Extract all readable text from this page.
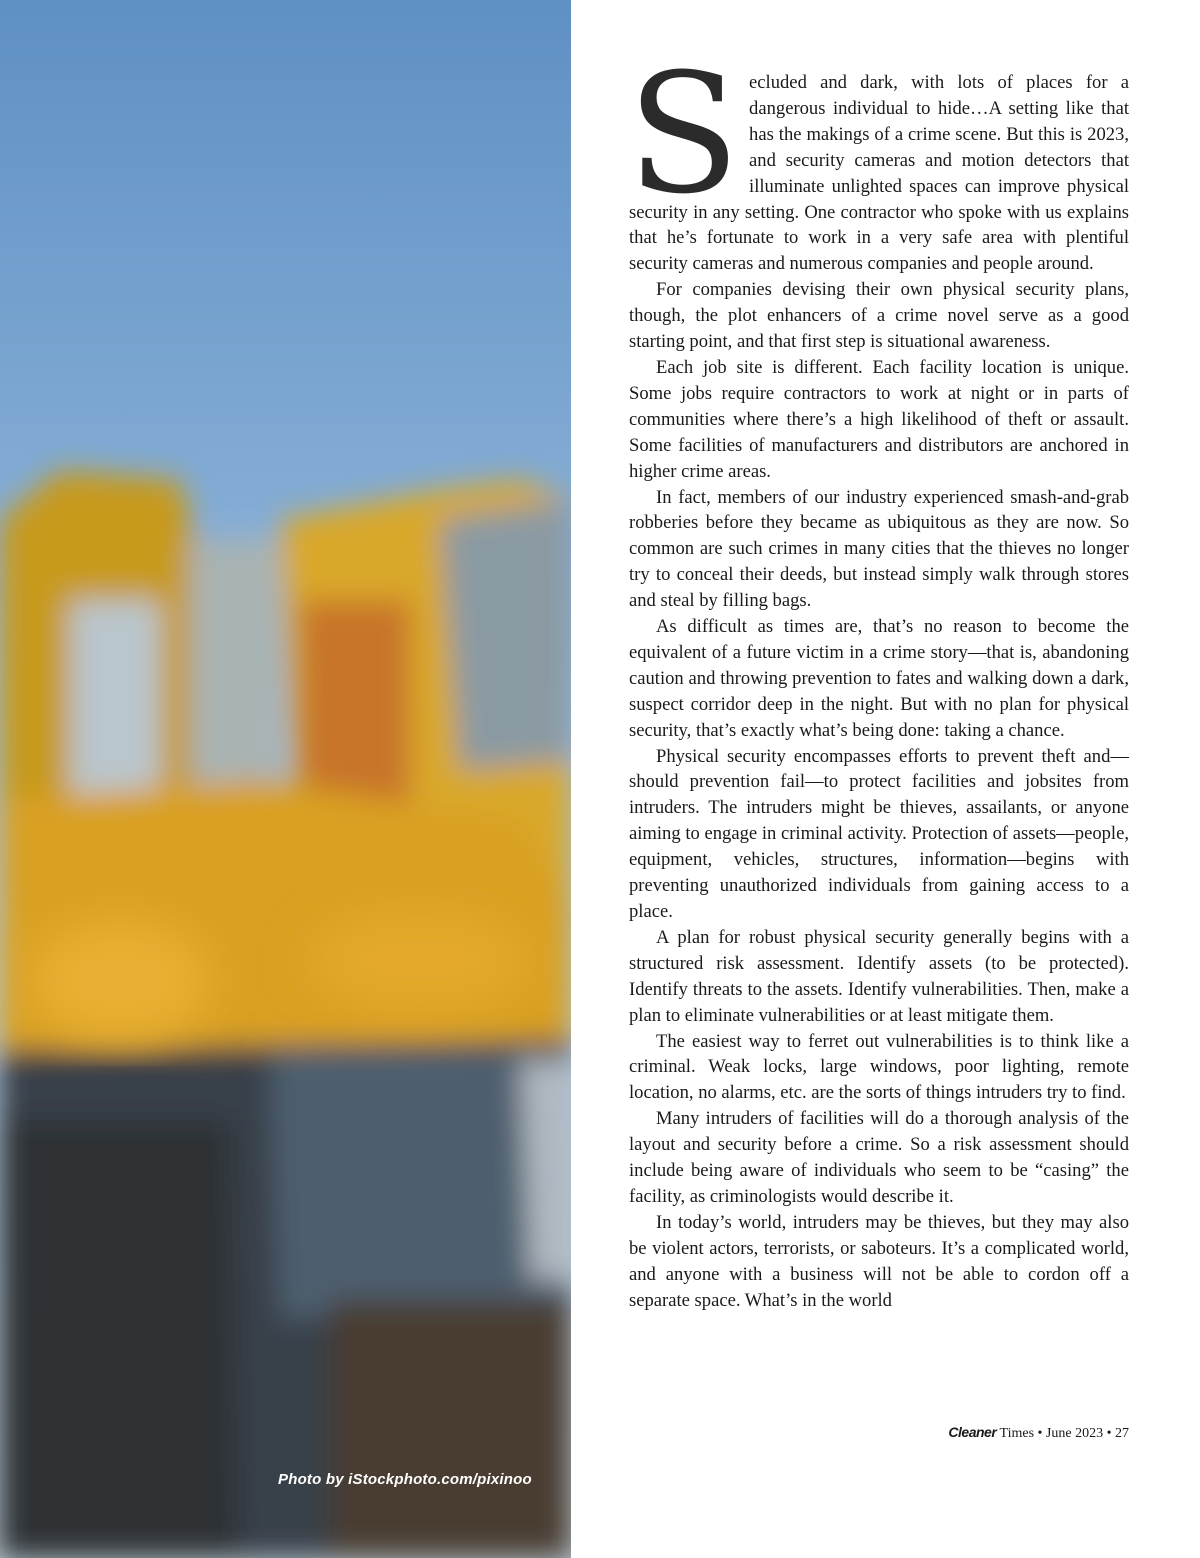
Photo by iStockphoto.com/pixinoo

Secluded and dark, with lots of places for a dangerous individual to hide…A setting like that has the makings of a crime scene. But this is 2023, and security cameras and motion detectors that illuminate unlighted spaces can improve physical security in any setting. One contractor who spoke with us explains that he’s fortunate to work in a very safe area with plentiful security cameras and numerous companies and people around.

For companies devising their own physical security plans, though, the plot enhancers of a crime novel serve as a good starting point, and that first step is situational awareness.

Each job site is different. Each facility location is unique. Some jobs require contractors to work at night or in parts of communities where there’s a high likelihood of theft or assault. Some facilities of manufacturers and distributors are anchored in higher crime areas.

In fact, members of our industry experienced smash-and-grab robberies before they became as ubiquitous as they are now. So common are such crimes in many cities that the thieves no longer try to conceal their deeds, but instead simply walk through stores and steal by filling bags.

As difficult as times are, that’s no reason to become the equivalent of a future victim in a crime story—that is, abandoning caution and throwing prevention to fates and walking down a dark, suspect corridor deep in the night. But with no plan for physical security, that’s exactly what’s being done: taking a chance.

Physical security encompasses efforts to prevent theft and—should prevention fail—to protect facilities and jobsites from intruders. The intruders might be thieves, assailants, or anyone aiming to engage in criminal activity. Protection of assets—people, equipment, vehicles, structures, information—begins with preventing unauthorized individuals from gaining access to a place.

A plan for robust physical security generally begins with a structured risk assessment. Identify assets (to be protected). Identify threats to the assets. Identify vulnerabilities. Then, make a plan to eliminate vulnerabilities or at least mitigate them.

The easiest way to ferret out vulnerabilities is to think like a criminal. Weak locks, large windows, poor lighting, remote location, no alarms, etc. are the sorts of things intruders try to find.

Many intruders of facilities will do a thorough analysis of the layout and security before a crime. So a risk assessment should include being aware of individuals who seem to be “casing” the facility, as criminologists would describe it.

In today’s world, intruders may be thieves, but they may also be violent actors, terrorists, or saboteurs. It’s a complicated world, and anyone with a business will not be able to cordon off a separate space. What’s in the world

Cleaner Times • June 2023 • 27
